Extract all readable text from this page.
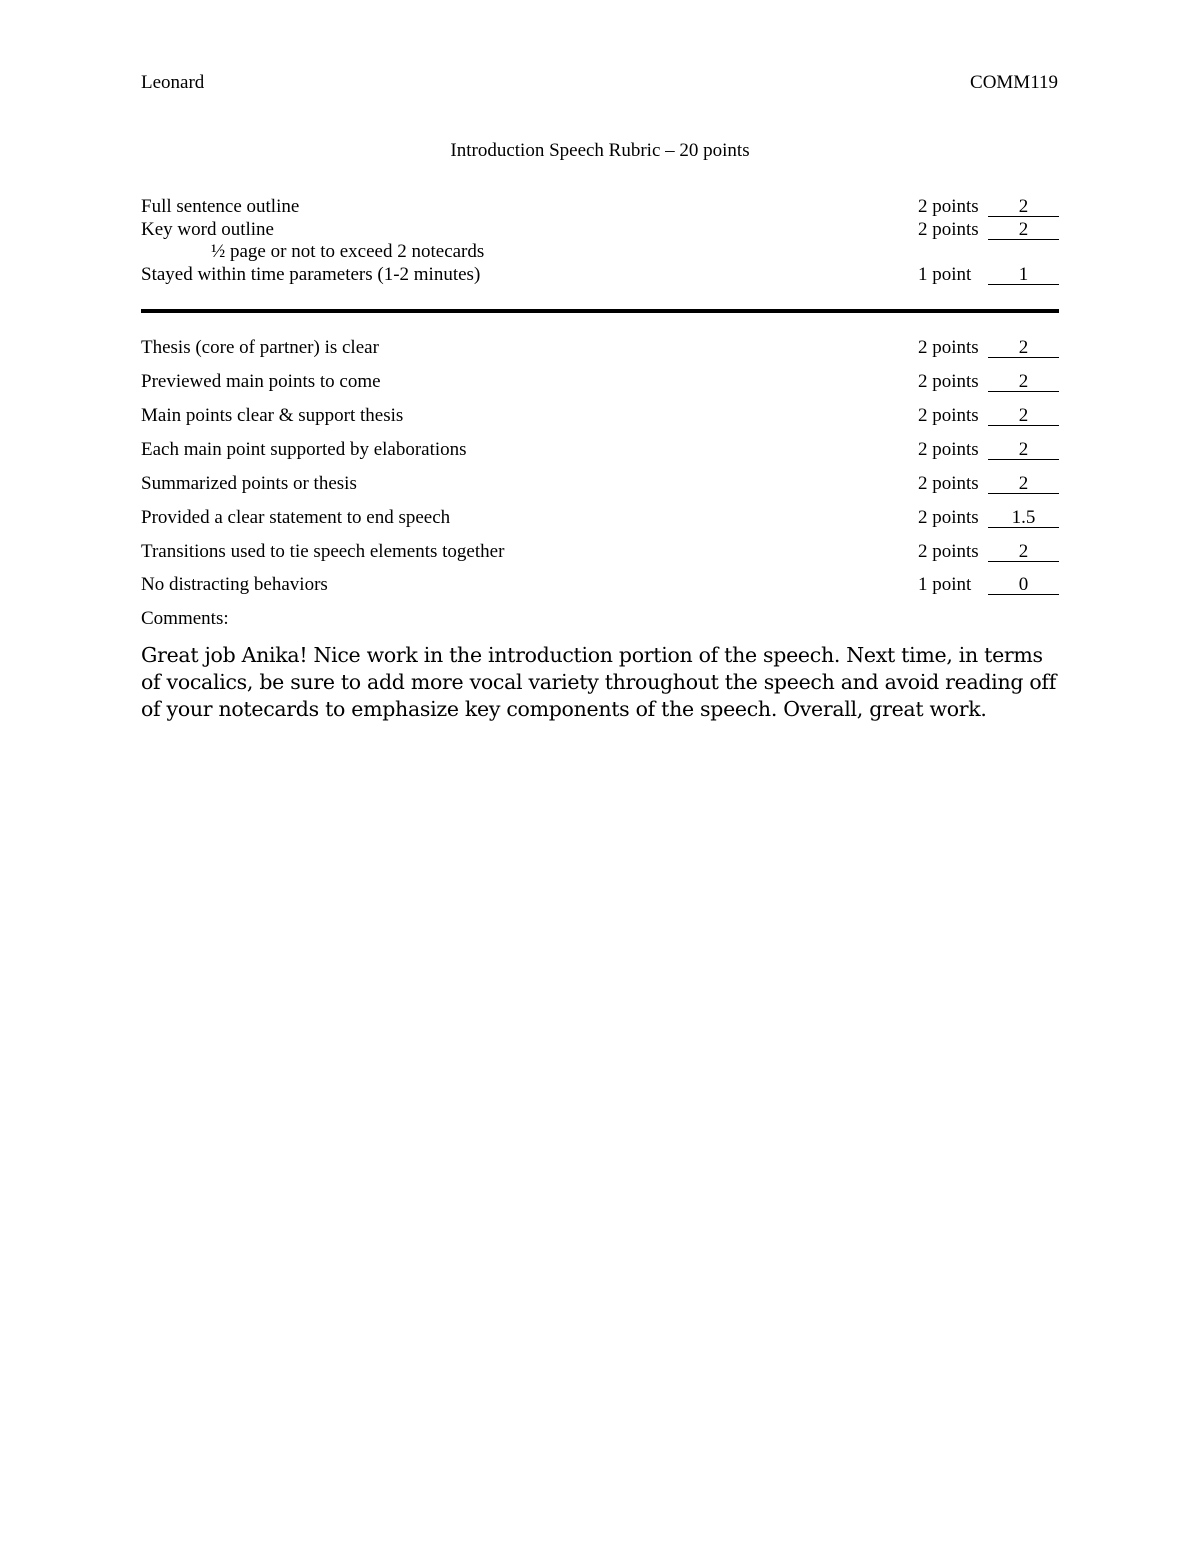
Leonard	COMM119
Introduction Speech Rubric – 20 points
Full sentence outline	2 points	2
Key word outline	2 points	2
½ page or not to exceed 2 notecards
Stayed within time parameters (1-2 minutes)	1 point	1
Thesis (core of partner) is clear	2 points	2
Previewed main points to come	2 points	2
Main points clear & support thesis	2 points	2
Each main point supported by elaborations	2 points	2
Summarized points or thesis	2 points	2
Provided a clear statement to end speech	2 points	1.5
Transitions used to tie speech elements together	2 points	2
No distracting behaviors	1 point	0
Comments:
Great job Anika! Nice work in the introduction portion of the speech. Next time, in terms of vocalics, be sure to add more vocal variety throughout the speech and avoid reading off of your notecards to emphasize key components of the speech. Overall, great work.
